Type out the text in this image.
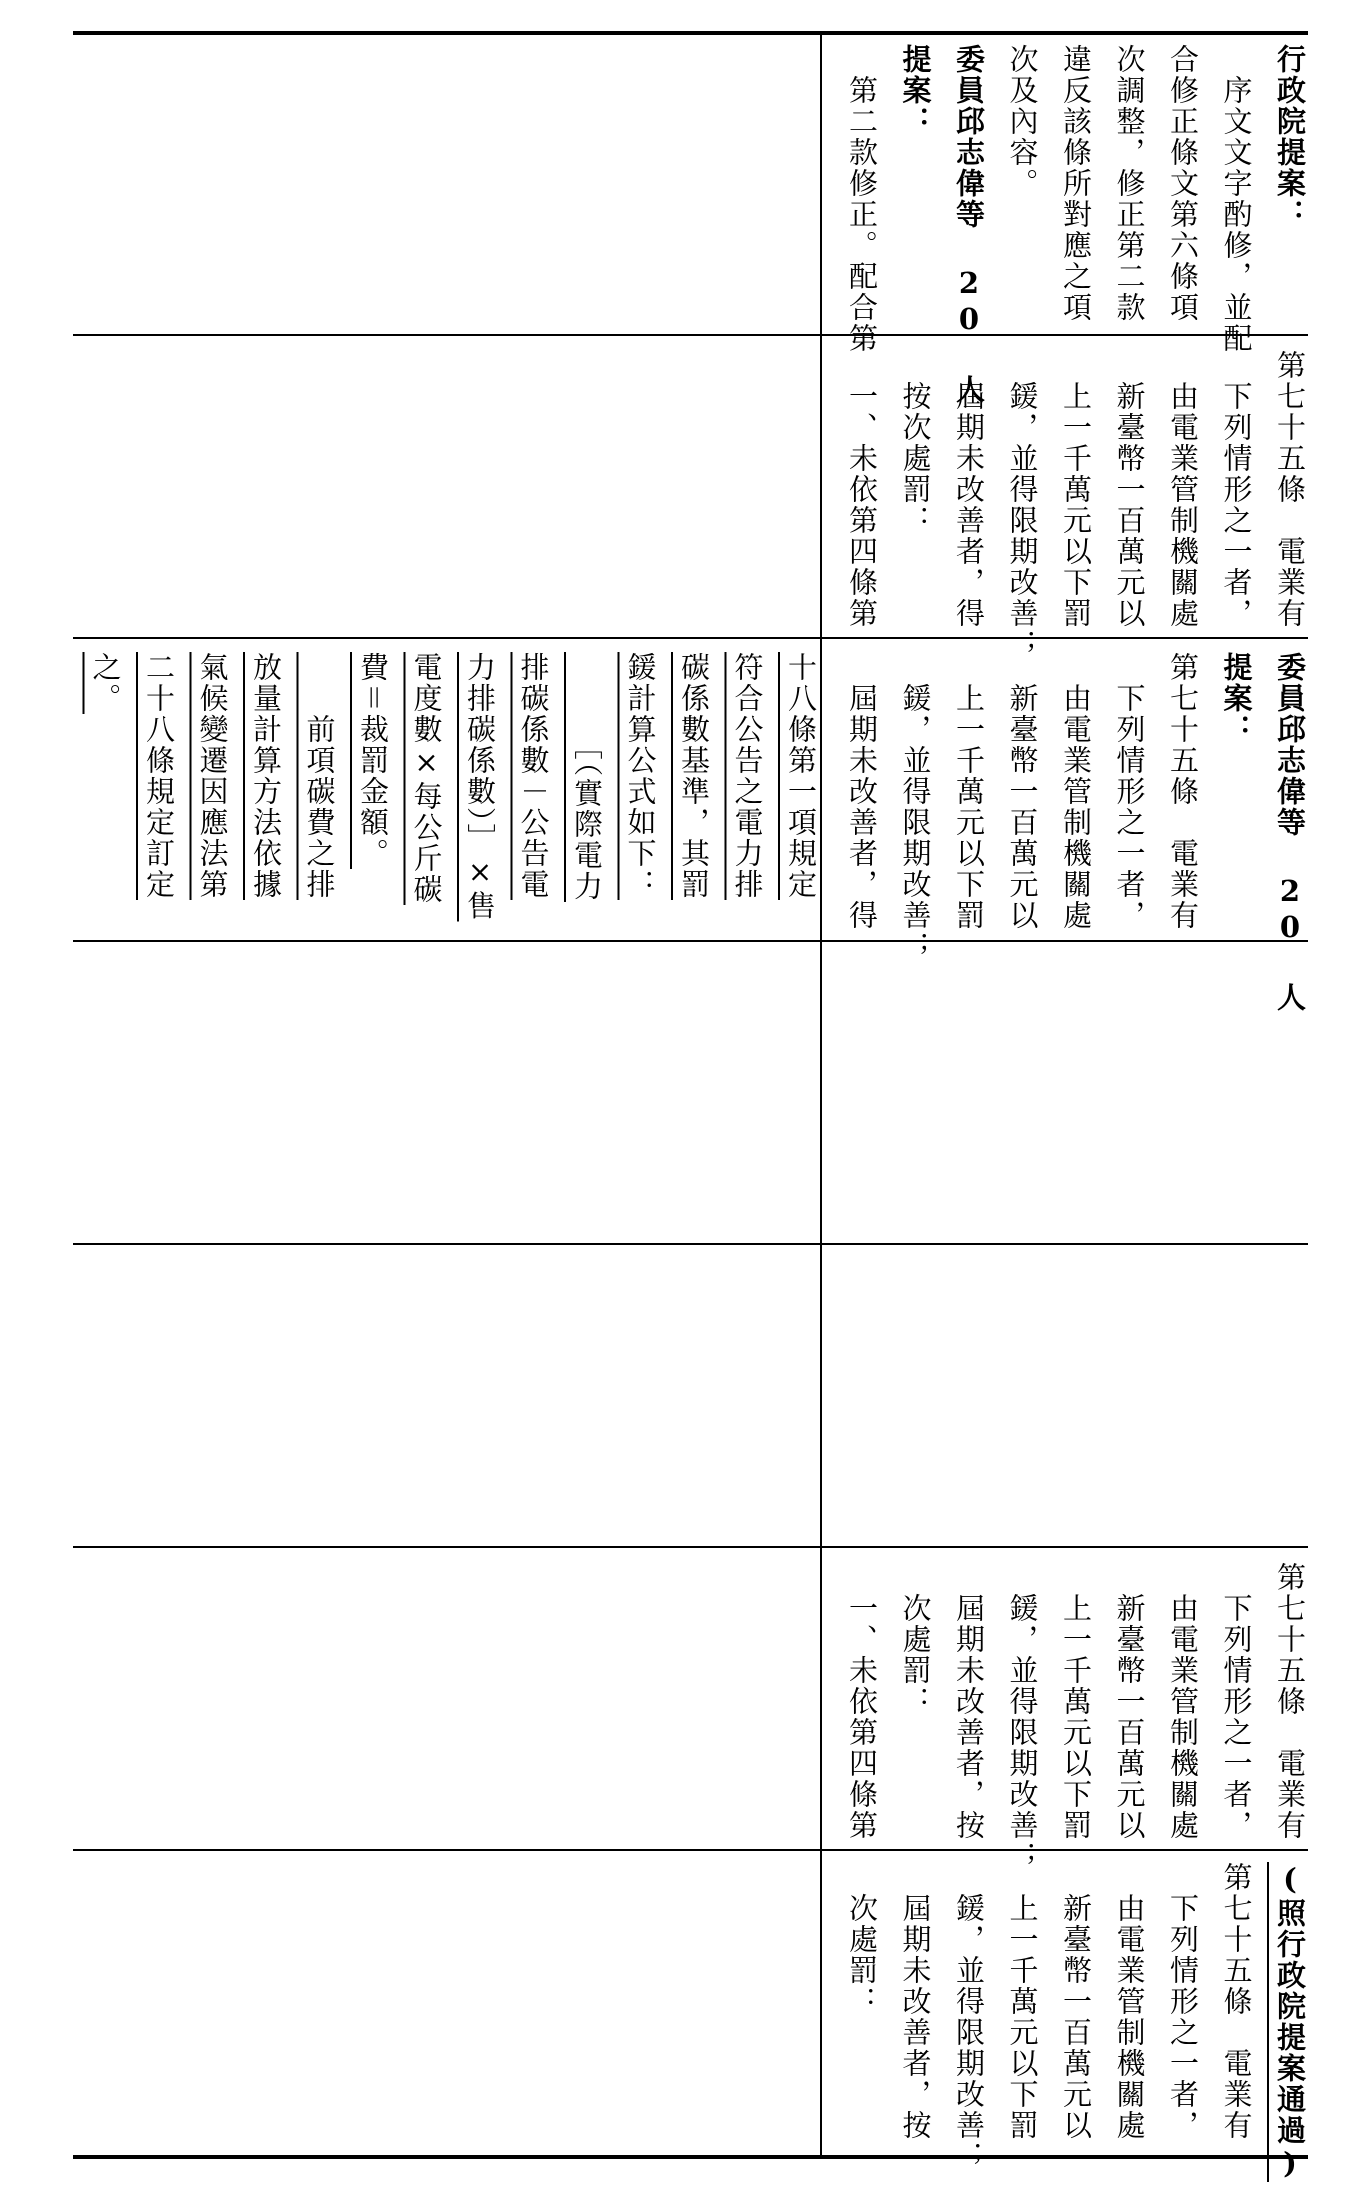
十八條第一項規定
符合公告之電力排
碳係數基準，其罰
鍰計算公式如下：
　　　［（實際電力
排碳係數－公告電
力排碳係數）］×售
電度數×每公斤碳
費＝裁罰金額。
　　前項碳費之排
放量計算方法依據
氣候變遷因應法第
二十八條規定訂定
之。
行政院提案：
　序文文字酌修，並配
合修正條文第六條項
次調整，修正第二款
違反該條所對應之項
次及內容。
委員邱志偉等 20 人
提案：
　第二款修正。配合第
第七十五條　電業有
　下列情形之一者，
　由電業管制機關處
　新臺幣一百萬元以
　上一千萬元以下罰
　鍰，並得限期改善；
　屆期未改善者，得
　按次處罰：
　一、未依第四條第
委員邱志偉等 20 人
提案：
第七十五條　電業有
　下列情形之一者，
　由電業管制機關處
　新臺幣一百萬元以
　上一千萬元以下罰
　鍰，並得限期改善；
　屆期未改善者，得
第七十五條　電業有
　下列情形之一者，
　由電業管制機關處
　新臺幣一百萬元以
　上一千萬元以下罰
　鍰，並得限期改善；
　屆期未改善者，按
　次處罰：
　一、未依第四條第
(照行政院提案通過)
第七十五條　電業有
　下列情形之一者，
　由電業管制機關處
　新臺幣一百萬元以
　上一千萬元以下罰
　鍰，並得限期改善；
　屆期未改善者，按
　次處罰：
